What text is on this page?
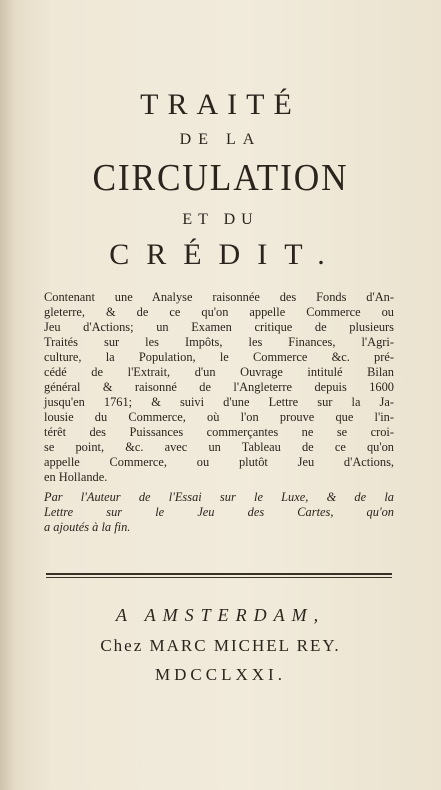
TRAITÉ
DE LA
CIRCULATION
ET DU
CRÉDIT.
Contenant une Analyse raisonnée des Fonds d'An-
gleterre, & de ce qu'on appelle Commerce ou
Jeu d'Actions; un Examen critique de plusieurs
Traités sur les Impôts, les Finances, l'Agri-
culture, la Population, le Commerce &c. pré-
cédé de l'Extrait, d'un Ouvrage intitulé Bilan
général & raisonné de l'Angleterre depuis 1600
jusqu'en 1761; & suivi d'une Lettre sur la Ja-
lousie du Commerce, où l'on prouve que l'in-
térêt des Puissances commerçantes ne se croi-
se point, &c. avec un Tableau de ce qu'on
appelle Commerce, ou plutôt Jeu d'Actions,
en Hollande.
Par l'Auteur de l'Essai sur le Luxe, & de la
Lettre sur le Jeu des Cartes, qu'on
a ajoutés à la fin.
A AMSTERDAM,
Chez MARC MICHEL REY.
MDCCLXXI.
